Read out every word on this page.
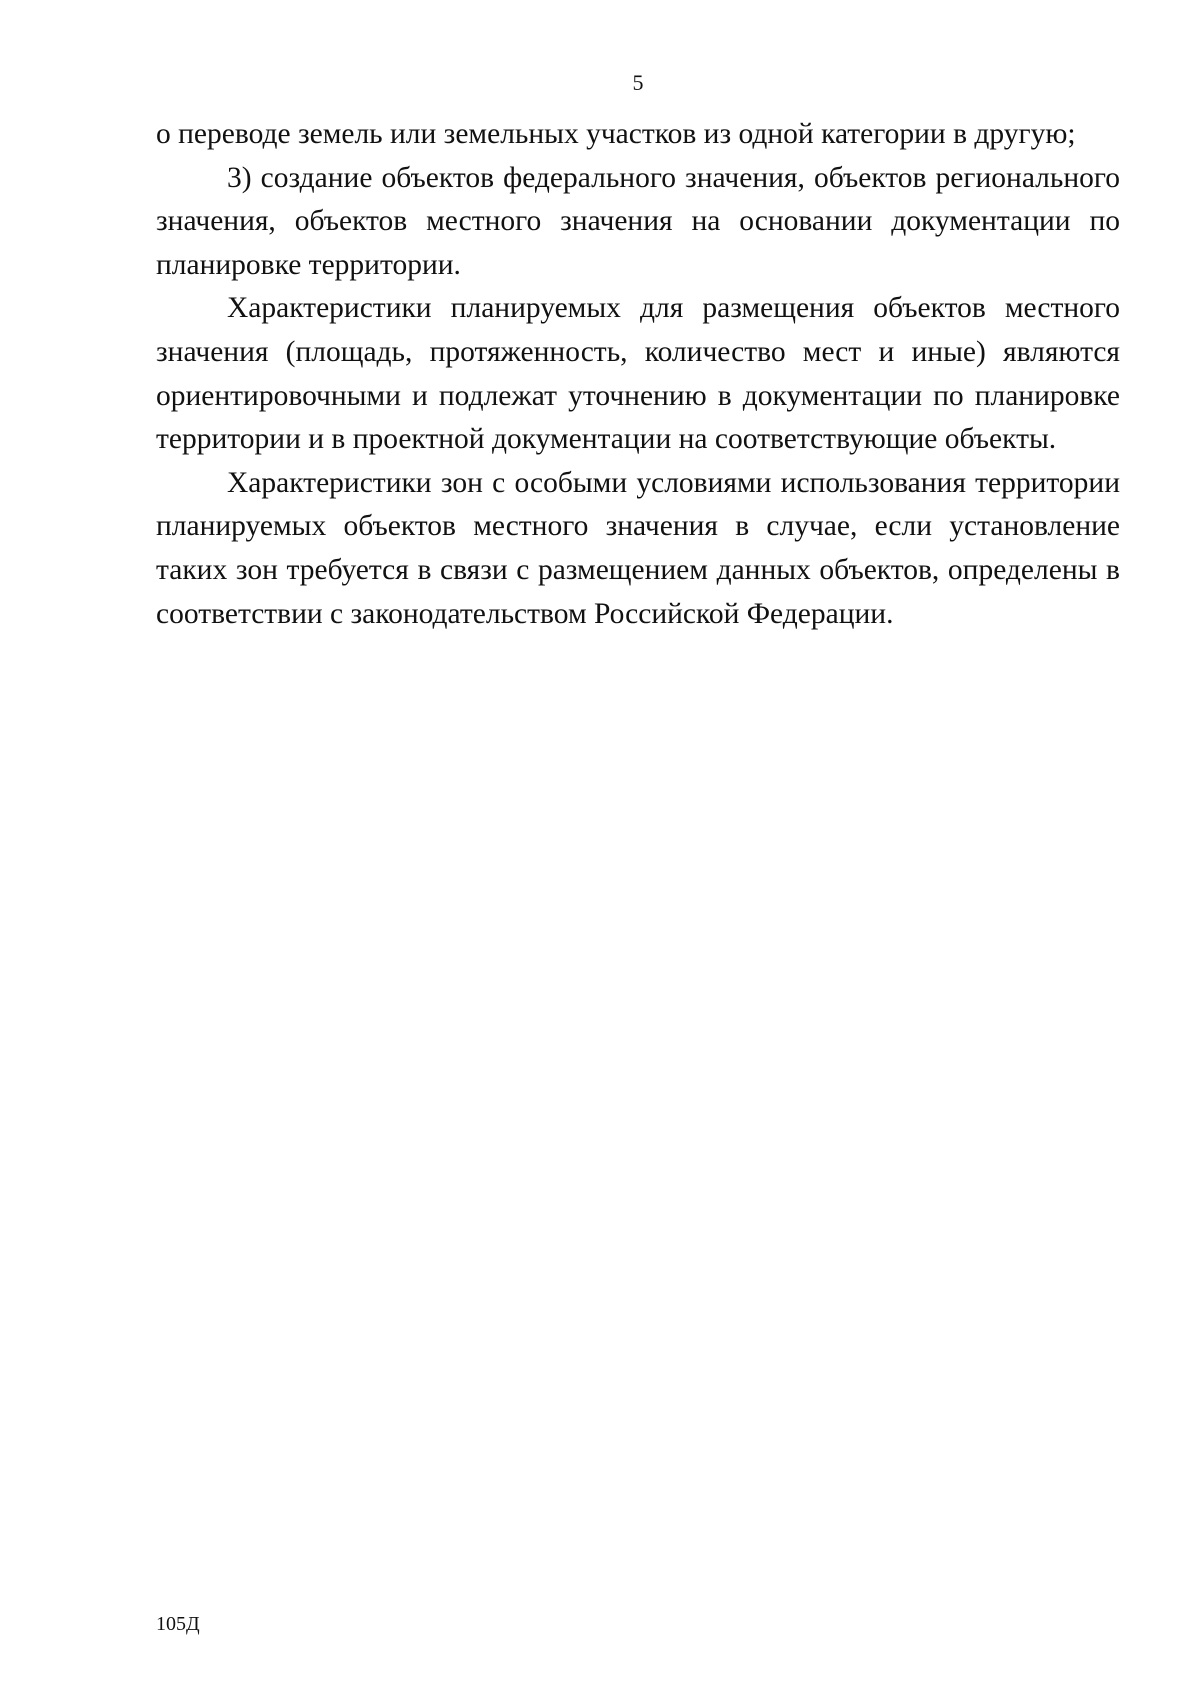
5

о переводе земель или земельных участков из одной категории в другую;

3) создание объектов федерального значения, объектов регионального значения, объектов местного значения на основании документации по планировке территории.

Характеристики планируемых для размещения объектов местного значения (площадь, протяженность, количество мест и иные) являются ориентировочными и подлежат уточнению в документации по планировке территории и в проектной документации на соответствующие объекты.

Характеристики зон с особыми условиями использования территории планируемых объектов местного значения в случае, если установление таких зон требуется в связи с размещением данных объектов, определены в соответствии с законодательством Российской Федерации.

105Д
